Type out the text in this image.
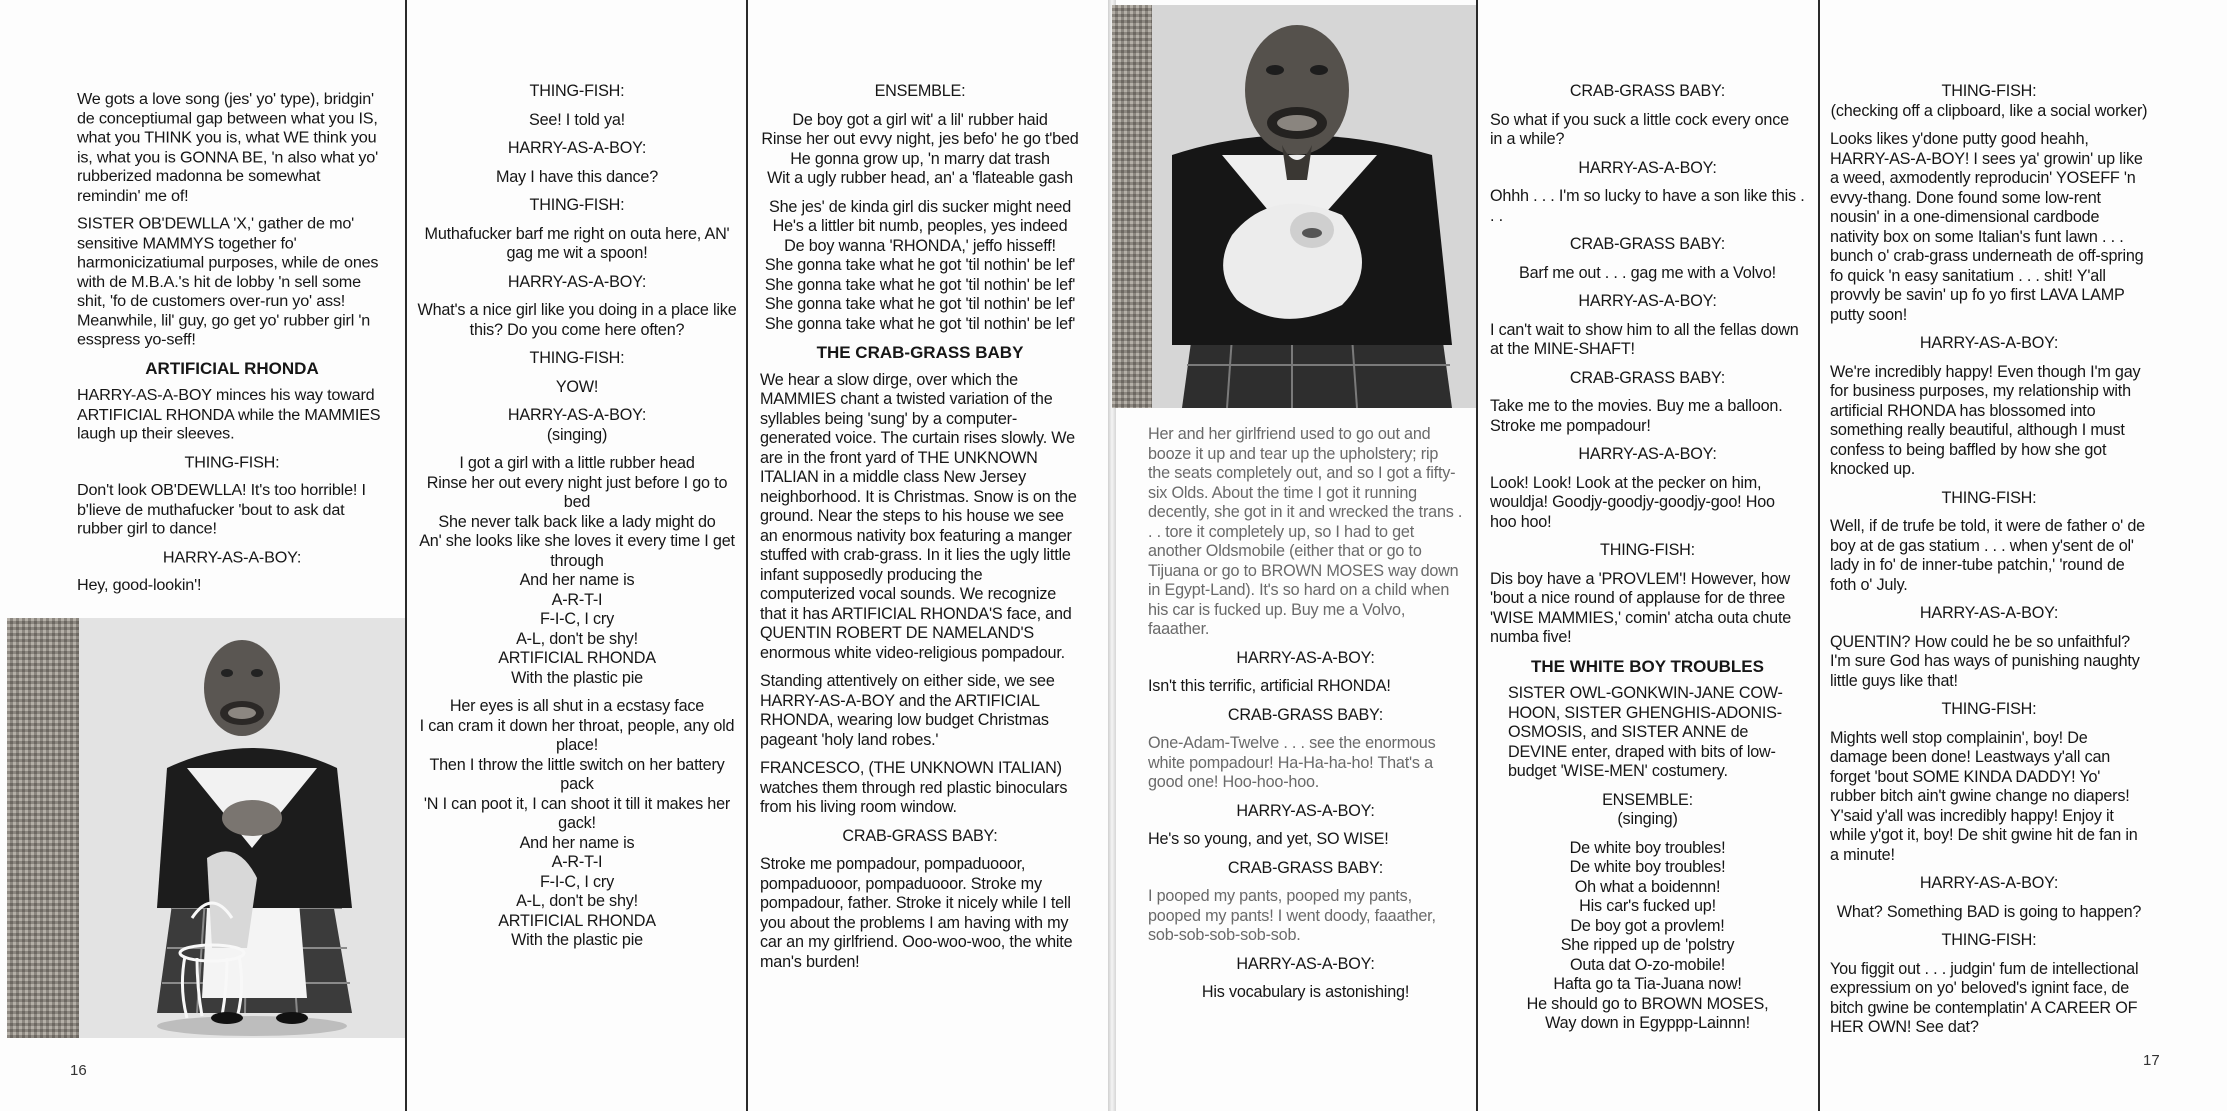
We gots a love song (jes' yo' type), bridgin' de conceptiumal gap between what you IS, what you THINK you is, what WE think you is, what you is GONNA BE, 'n also what yo' rubberized madonna be somewhat remindin' me of!

SISTER OB'DEWLLA 'X,' gather de mo' sensitive MAMMYS together fo' harmonicizatiumal purposes, while de ones with de M.B.A.'s hit de lobby 'n sell some shit, 'fo de customers over-run yo' ass! Meanwhile, lil' guy, go get yo' rubber girl 'n esspress yo-seff!

ARTIFICIAL RHONDA

HARRY-AS-A-BOY minces his way toward ARTIFICIAL RHONDA while the MAMMIES laugh up their sleeves.

THING-FISH:

Don't look OB'DEWLLA! It's too horrible! I b'lieve de muthafucker 'bout to ask dat rubber girl to dance!

HARRY-AS-A-BOY:

Hey, good-lookin'!

16
THING-FISH:

See! I told ya!

HARRY-AS-A-BOY:

May I have this dance?

THING-FISH:

Muthafucker barf me right on outa here, AN' gag me wit a spoon!

HARRY-AS-A-BOY:

What's a nice girl like you doing in a place like this? Do you come here often?

THING-FISH:

YOW!

HARRY-AS-A-BOY:
(singing)
I got a girl with a little rubber head
Rinse her out every night just before I go to bed
She never talk back like a lady might do
An' she looks like she loves it every time I get through
And her name is
A-R-T-I
F-I-C, I cry
A-L, don't be shy!
ARTIFICIAL RHONDA
With the plastic pie
Her eyes is all shut in a ecstasy face
I can cram it down her throat, people, any old place!
Then I throw the little switch on her battery pack
'N I can poot it, I can shoot it till it makes her gack!
And her name is
A-R-T-I
F-I-C, I cry
A-L, don't be shy!
ARTIFICIAL RHONDA
With the plastic pie
ENSEMBLE:
De boy got a girl wit' a lil' rubber haid
Rinse her out evvy night, jes befo' he go t'bed
He gonna grow up, 'n marry dat trash
Wit a ugly rubber head, an' a 'flateable gash
She jes' de kinda girl dis sucker might need
He's a littler bit numb, peoples, yes indeed
De boy wanna 'RHONDA,' jeffo hisseff!
She gonna take what he got 'til nothin' be lef'
She gonna take what he got 'til nothin' be lef'
She gonna take what he got 'til nothin' be lef'
She gonna take what he got 'til nothin' be lef'
THE CRAB-GRASS BABY

We hear a slow dirge, over which the MAMMIES chant a twisted variation of the syllables being 'sung' by a computer-generated voice. The curtain rises slowly. We are in the front yard of THE UNKNOWN ITALIAN in a middle class New Jersey neighborhood. It is Christmas. Snow is on the ground. Near the steps to his house we see an enormous nativity box featuring a manger stuffed with crab-grass. In it lies the ugly little infant supposedly producing the computerized vocal sounds. We recognize that it has ARTIFICIAL RHONDA'S face, and QUENTIN ROBERT DE NAMELAND'S enormous white video-religious pompadour.

Standing attentively on either side, we see HARRY-AS-A-BOY and the ARTIFICIAL RHONDA, wearing low budget Christmas pageant 'holy land robes.'

FRANCESCO, (THE UNKNOWN ITALIAN) watches them through red plastic binoculars from his living room window.

CRAB-GRASS BABY:

Stroke me pompadour, pompaduooor, pompaduooor, pompaduooor. Stroke my pompadour, father. Stroke it nicely while I tell you about the problems I am having with my car an my girlfriend. Ooo-woo-woo, the white man's burden!

Her and her girlfriend used to go out and booze it up and tear up the upholstery; rip the seats completely out, and so I got a fifty-six Olds. About the time I got it running decently, she got in it and wrecked the trans . . . tore it completely up, so I had to get another Oldsmobile (either that or go to Tijuana or go to BROWN MOSES way down in Egypt-Land). It's so hard on a child when his car is fucked up. Buy me a Volvo, faaather.

HARRY-AS-A-BOY:

Isn't this terrific, artificial RHONDA!

CRAB-GRASS BABY:

One-Adam-Twelve . . . see the enormous white pompadour! Ha-Ha-ha-ho! That's a good one! Hoo-hoo-hoo.

HARRY-AS-A-BOY:

He's so young, and yet, SO WISE!

CRAB-GRASS BABY:

I pooped my pants, pooped my pants, pooped my pants! I went doody, faaather, sob-sob-sob-sob-sob.

HARRY-AS-A-BOY:

His vocabulary is astonishing!

CRAB-GRASS BABY:

So what if you suck a little cock every once in a while?

HARRY-AS-A-BOY:

Ohhh . . . I'm so lucky to have a son like this . . .

CRAB-GRASS BABY:

Barf me out . . . gag me with a Volvo!

HARRY-AS-A-BOY:

I can't wait to show him to all the fellas down at the MINE-SHAFT!

CRAB-GRASS BABY:

Take me to the movies. Buy me a balloon. Stroke me pompadour!

HARRY-AS-A-BOY:

Look! Look! Look at the pecker on him, wouldja! Goodjy-goodjy-goodjy-goo! Hoo hoo hoo!

THING-FISH:

Dis boy have a 'PROVLEM'! However, how 'bout a nice round of applause for de three 'WISE MAMMIES,' comin' atcha outa chute numba five!

THE WHITE BOY TROUBLES

SISTER OWL-GONKWIN-JANE COW-HOON, SISTER GHENGHIS-ADONIS-OSMOSIS, and SISTER ANNE de DEVINE enter, draped with bits of low-budget 'WISE-MEN' costumery.

ENSEMBLE:
(singing)
De white boy troubles!
De white boy troubles!
Oh what a boidennn!
His car's fucked up!
De boy got a provlem!
She ripped up de 'polstry
Outa dat O-zo-mobile!
Hafta go ta Tia-Juana now!
He should go to BROWN MOSES,
Way down in Egyppp-Lainnn!
THING-FISH:
(checking off a clipboard, like a social worker)

Looks likes y'done putty good heahh, HARRY-AS-A-BOY! I sees ya' growin' up like a weed, axmodently reproducin' YOSEFF 'n evvy-thang. Done found some low-rent nousin' in a one-dimensional cardbode nativity box on some Italian's funt lawn . . . bunch o' crab-grass underneath de off-spring fo quick 'n easy sanitatium . . . shit! Y'all provvly be savin' up fo yo first LAVA LAMP putty soon!

HARRY-AS-A-BOY:

We're incredibly happy! Even though I'm gay for business purposes, my relationship with artificial RHONDA has blossomed into something really beautiful, although I must confess to being baffled by how she got knocked up.

THING-FISH:

Well, if de trufe be told, it were de father o' de boy at de gas statium . . . when y'sent de ol' lady in fo' de inner-tube patchin,' 'round de foth o' July.

HARRY-AS-A-BOY:

QUENTIN? How could he be so unfaithful? I'm sure God has ways of punishing naughty little guys like that!

THING-FISH:

Mights well stop complainin', boy! De damage been done! Leastways y'all can forget 'bout SOME KINDA DADDY! Yo' rubber bitch ain't gwine change no diapers! Y'said y'all was incredibly happy! Enjoy it while y'got it, boy! De shit gwine hit de fan in a minute!

HARRY-AS-A-BOY:

What? Something BAD is going to happen?

THING-FISH:

You figgit out . . . judgin' fum de intellectional expressium on yo' beloved's ignint face, de bitch gwine be contemplatin' A CAREER OF HER OWN! See dat?

17
